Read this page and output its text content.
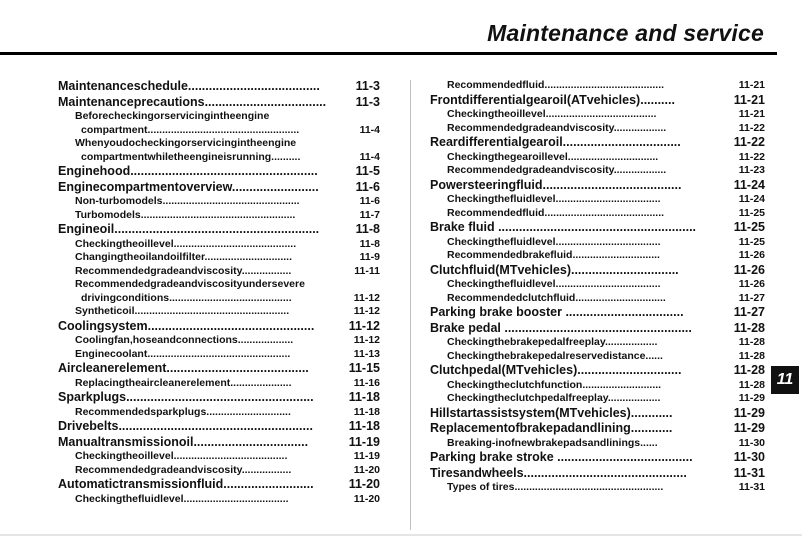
Maintenance and service
Maintenanceschedule......................................	11-3
Maintenanceprecautions...................................	11-3
Beforecheckingorservicingintheengine
compartment....................................................	11-4
Whenyoudocheckingorservicingintheengine
compartmentwhiletheengineisrunning..........	11-4
Enginehood......................................................	11-5
Enginecompartmentoverview.........................	11-6
Non-turbomodels...............................................	11-6
Turbomodels.....................................................	11-7
Engineoil...........................................................	11-8
Checkingtheoillevel..........................................	11-8
Changingtheoilandoilfilter..............................	11-9
Recommendedgradeandviscosity.................	11-11
Recommendedgradeandviscosityundersevere
drivingconditions..........................................	11-12
Syntheticoil.....................................................	11-12
Coolingsystem................................................	11-12
Coolingfan,hoseandconnections...................	11-12
Enginecoolant.................................................	11-13
Aircleanerelement.........................................	11-15
Replacingtheaircleanerelement.....................	11-16
Sparkplugs......................................................	11-18
Recommendedsparkplugs.............................	11-18
Drivebelts........................................................	11-18
Manualtransmissionoil.................................	11-19
Checkingtheoillevel.......................................	11-19
Recommendedgradeandviscosity.................	11-20
Automatictransmissionfluid..........................	11-20
Checkingthefluidlevel....................................	11-20
Recommendedfluid.........................................	11-21
Frontdifferentialgearoil(ATvehicles)..........	11-21
Checkingtheoillevel......................................	11-21
Recommendedgradeandviscosity..................	11-22
Reardifferentialgearoil..................................	11-22
Checkingthegearoillevel...............................	11-22
Recommendedgradeandviscosity..................	11-23
Powersteeringfluid........................................	11-24
Checkingthefluidlevel....................................	11-24
Recommendedfluid.........................................	11-25
Brake fluid .........................................................	11-25
Checkingthefluidlevel....................................	11-25
Recommendedbrakefluid..............................	11-26
Clutchfluid(MTvehicles)...............................	11-26
Checkingthefluidlevel....................................	11-26
Recommendedclutchfluid...............................	11-27
Parking brake booster ..................................	11-27
Brake pedal ......................................................	11-28
Checkingthebrakepedalfreeplay..................	11-28
Checkingthebrakepedalreservedistance......	11-28
Clutchpedal(MTvehicles)..............................	11-28
Checkingtheclutchfunction...........................	11-28
Checkingtheclutchpedalfreeplay..................	11-29
Hillstartassistsystem(MTvehicles)............	11-29
Replacementofbrakepadandlining............	11-29
Breaking-inofnewbrakepadsandlinings......	11-30
Parking brake stroke .......................................	11-30
Tiresandwheels...............................................	11-31
Types of tires...................................................	11-31
11
